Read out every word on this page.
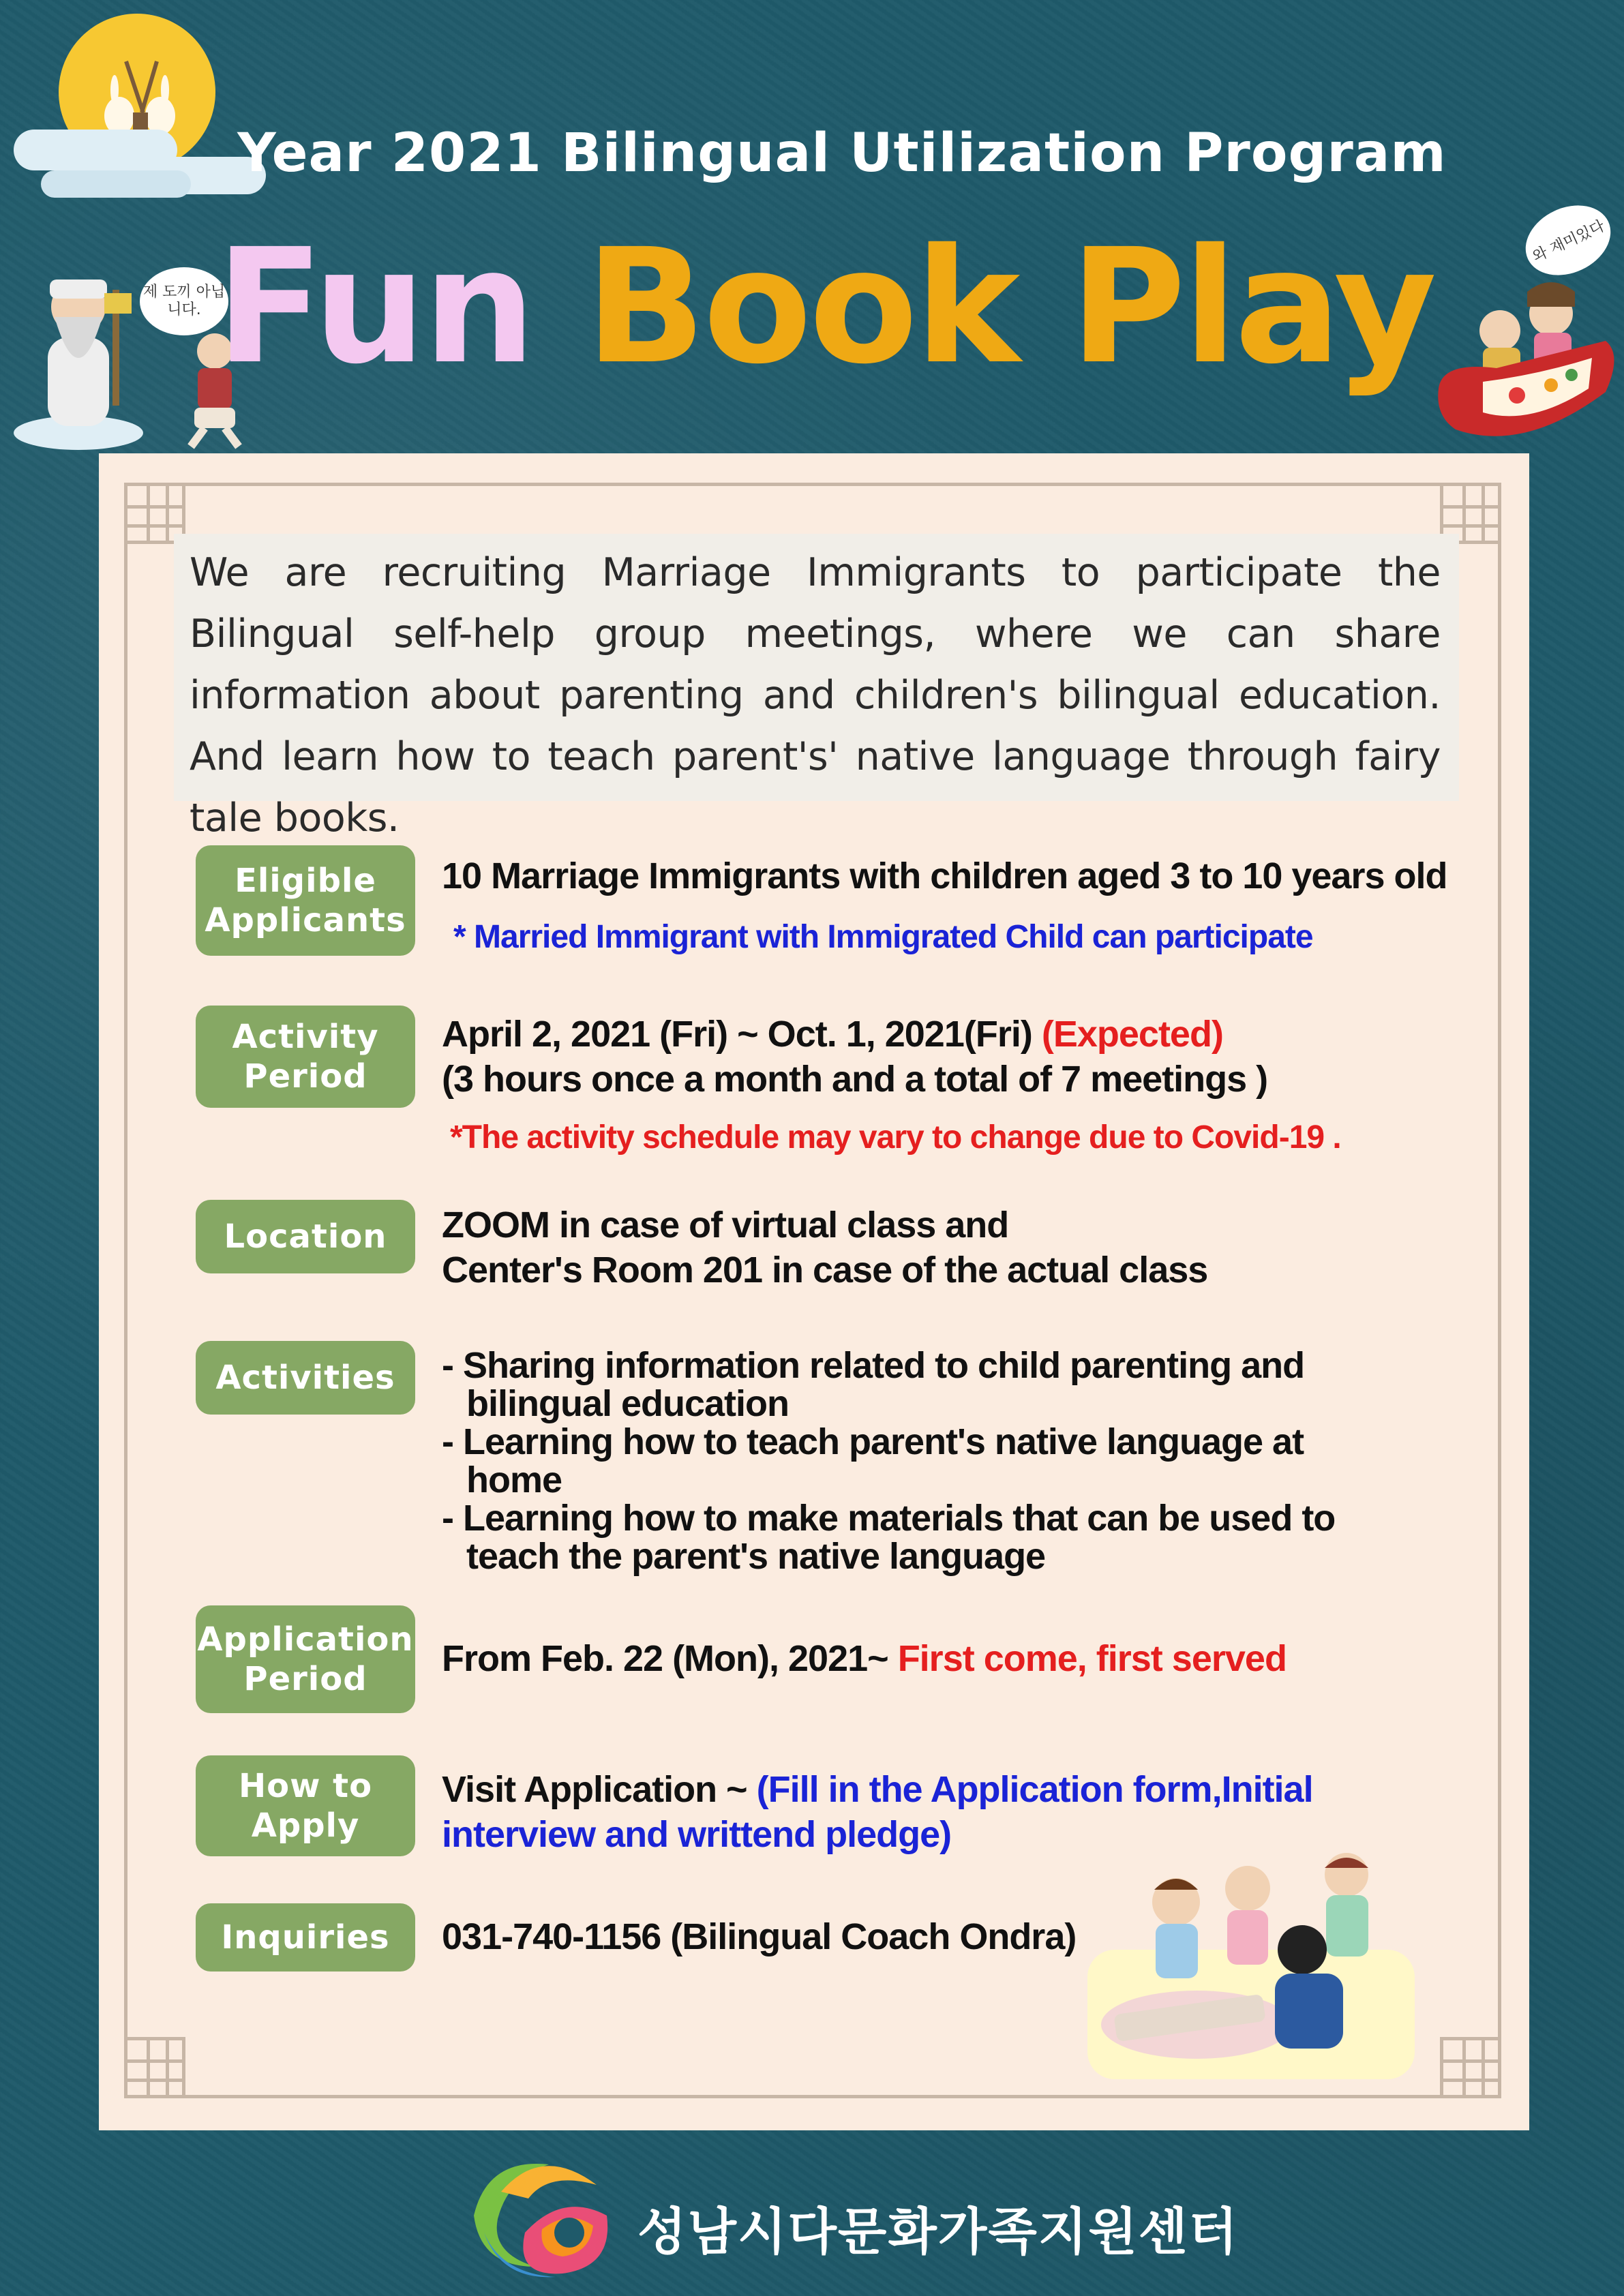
제 도끼 아닙니다.
와 재미있다
Year 2021 Bilingual Utilization Program
Fun Book Play
We are recruiting Marriage Immigrants to participate the Bilingual self-help group meetings, where we can share information about parenting and children's bilingual education. And learn how to teach parent's' native language through fairy tale books.
Eligible
Applicants
10 Marriage Immigrants with children aged 3 to 10 years old
* Married Immigrant with Immigrated Child can participate
Activity
Period
April 2, 2021 (Fri) ~ Oct. 1, 2021(Fri) (Expected)
(3 hours once a month and a total of 7 meetings )
*The activity schedule may vary to change due to Covid-19 .
Location ZOOM in case of virtual class and
Center's Room 201 in case of the actual class
Activities - Sharing information related to child parenting and bilingual education
- Learning how to teach parent's native language at home
- Learning how to make materials that can be used to teach the parent's native language
Application
Period From Feb. 22 (Mon), 2021~ First come, first served
How to
Apply
Visit Application ~ (Fill in the Application form,Initial interview and writtend pledge)
Inquiries 031-740-1156 (Bilingual Coach Ondra)
성남시다문화가족지원센터
